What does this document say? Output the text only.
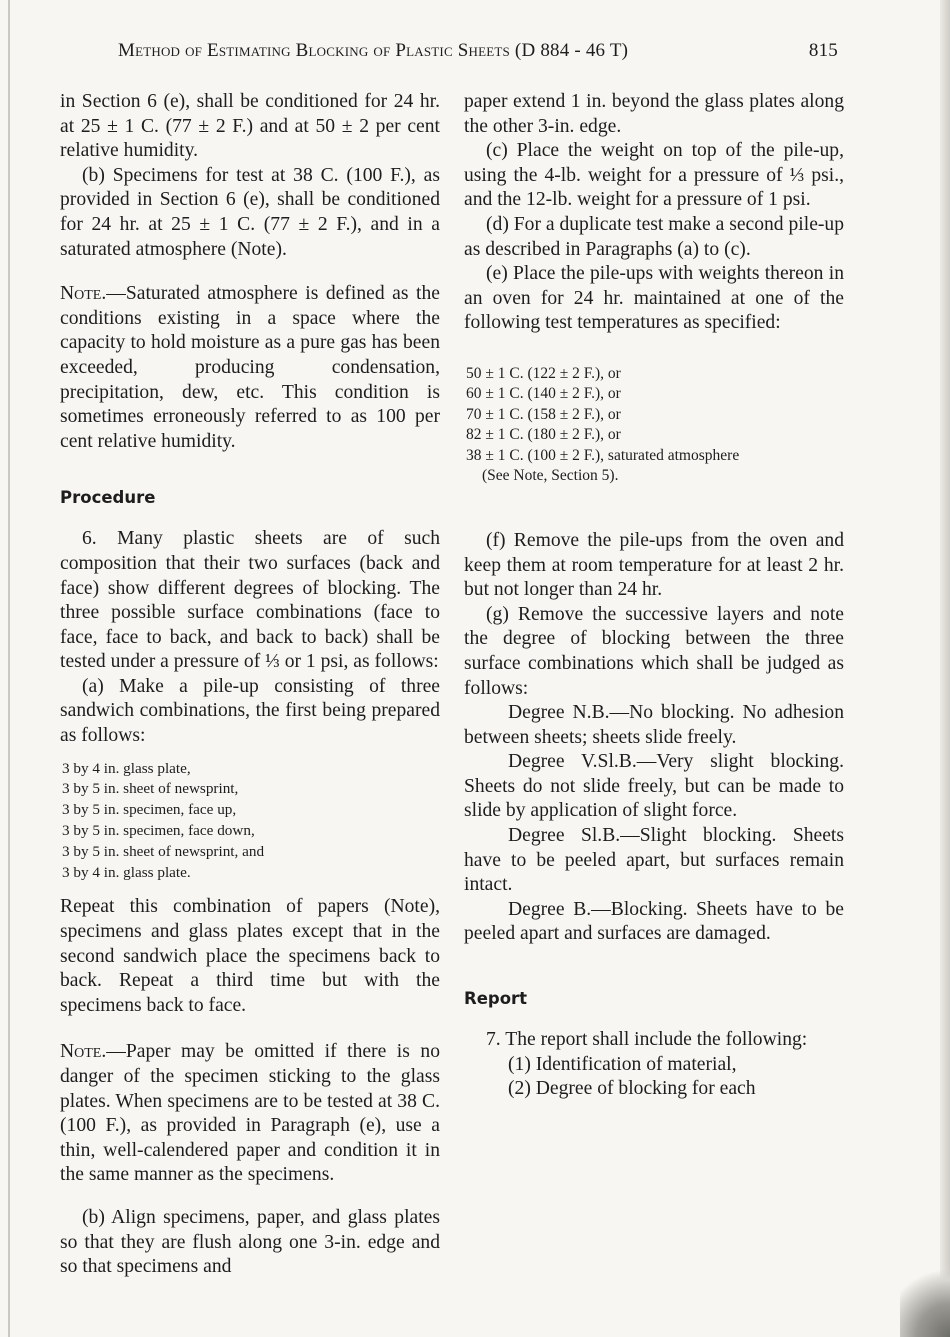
Method of Estimating Blocking of Plastic Sheets (D 884 - 46 T)	815

in Section 6 (e), shall be conditioned for 24 hr. at 25 ± 1 C. (77 ± 2 F.) and at 50 ± 2 per cent relative humidity.

(b) Specimens for test at 38 C. (100 F.), as provided in Section 6 (e), shall be conditioned for 24 hr. at 25 ± 1 C. (77 ± 2 F.), and in a saturated atmosphere (Note).

Note.—Saturated atmosphere is defined as the conditions existing in a space where the capacity to hold moisture as a pure gas has been exceeded, producing condensation, precipitation, dew, etc. This condition is sometimes erroneously referred to as 100 per cent relative humidity.

Procedure

6. Many plastic sheets are of such composition that their two surfaces (back and face) show different degrees of blocking. The three possible surface combinations (face to face, face to back, and back to back) shall be tested under a pressure of ⅓ or 1 psi, as follows:

(a) Make a pile-up consisting of three sandwich combinations, the first being prepared as follows:

3 by 4 in. glass plate,
3 by 5 in. sheet of newsprint,
3 by 5 in. specimen, face up,
3 by 5 in. specimen, face down,
3 by 5 in. sheet of newsprint, and
3 by 4 in. glass plate.

Repeat this combination of papers (Note), specimens and glass plates except that in the second sandwich place the specimens back to back. Repeat a third time but with the specimens back to face.

Note.—Paper may be omitted if there is no danger of the specimen sticking to the glass plates. When specimens are to be tested at 38 C. (100 F.), as provided in Paragraph (e), use a thin, well-calendered paper and condition it in the same manner as the specimens.

(b) Align specimens, paper, and glass plates so that they are flush along one 3-in. edge and so that specimens and

paper extend 1 in. beyond the glass plates along the other 3-in. edge.

(c) Place the weight on top of the pile-up, using the 4-lb. weight for a pressure of ⅓ psi., and the 12-lb. weight for a pressure of 1 psi.

(d) For a duplicate test make a second pile-up as described in Paragraphs (a) to (c).

(e) Place the pile-ups with weights thereon in an oven for 24 hr. maintained at one of the following test temperatures as specified:

50 ± 1 C. (122 ± 2 F.), or
60 ± 1 C. (140 ± 2 F.), or
70 ± 1 C. (158 ± 2 F.), or
82 ± 1 C. (180 ± 2 F.), or
38 ± 1 C. (100 ± 2 F.), saturated atmosphere
(See Note, Section 5).

(f) Remove the pile-ups from the oven and keep them at room temperature for at least 2 hr. but not longer than 24 hr.

(g) Remove the successive layers and note the degree of blocking between the three surface combinations which shall be judged as follows:

Degree N.B.—No blocking. No adhesion between sheets; sheets slide freely.

Degree V.Sl.B.—Very slight blocking. Sheets do not slide freely, but can be made to slide by application of slight force.

Degree Sl.B.—Slight blocking. Sheets have to be peeled apart, but surfaces remain intact.

Degree B.—Blocking. Sheets have to be peeled apart and surfaces are damaged.

Report

7. The report shall include the following:

(1) Identification of material,

(2) Degree of blocking for each
